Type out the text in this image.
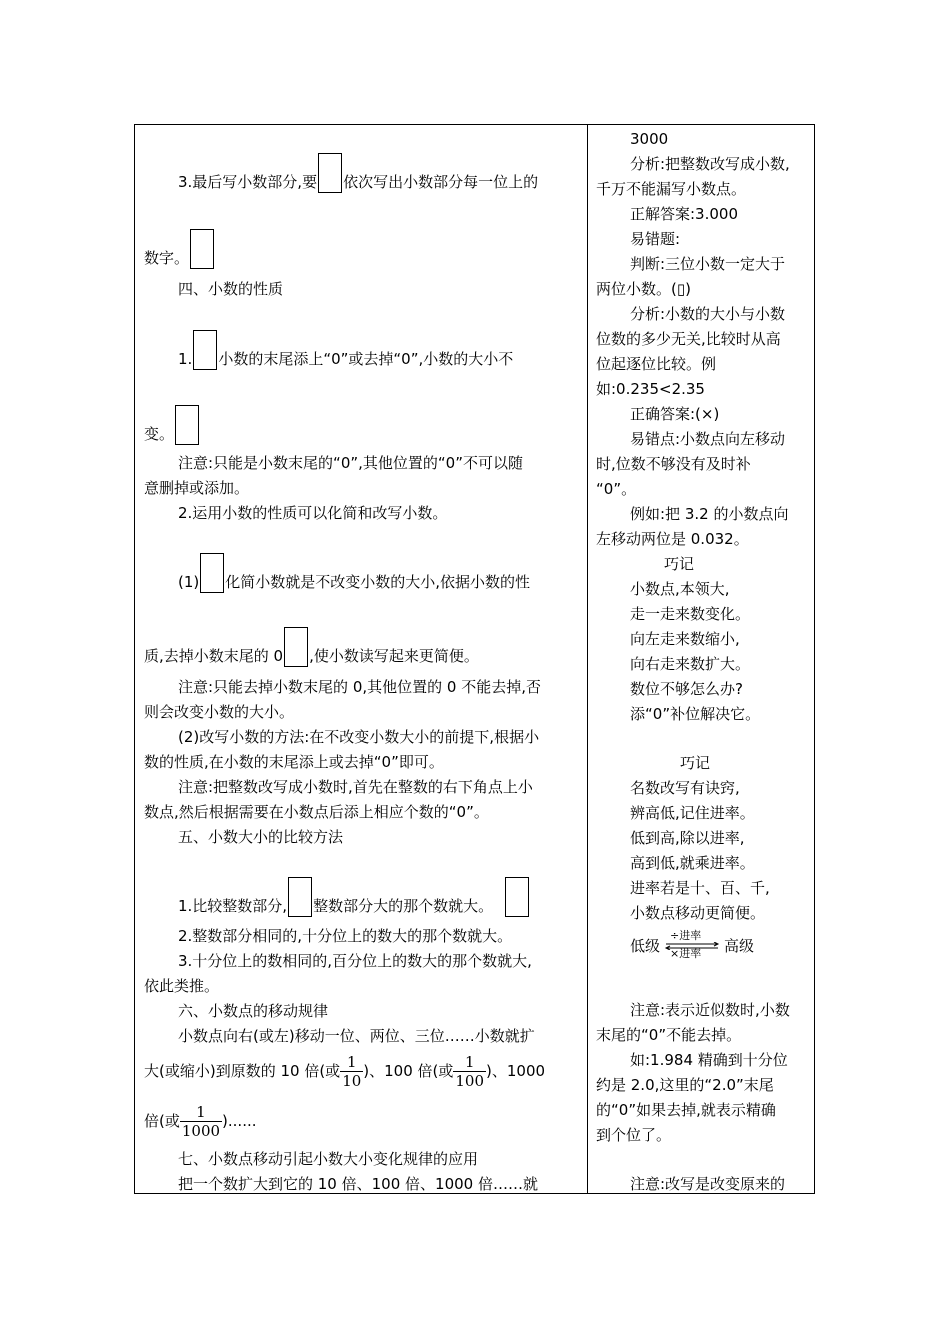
3.最后写小数部分,要 依次写出小数部分每一位上的
数字。
四、小数的性质
1. 小数的末尾添上“0”或去掉“0”,小数的大小不
变。
注意:只能是小数末尾的“0”,其他位置的“0”不可以随
意删掉或添加。
2.运用小数的性质可以化简和改写小数。
(1) 化简小数就是不改变小数的大小,依据小数的性
质,去掉小数末尾的 0 ,使小数读写起来更简便。
注意:只能去掉小数末尾的 0,其他位置的 0 不能去掉,否
则会改变小数的大小。
(2)改写小数的方法:在不改变小数大小的前提下,根据小
数的性质,在小数的末尾添上或去掉“0”即可。
注意:把整数改写成小数时,首先在整数的右下角点上小
数点,然后根据需要在小数点后添上相应个数的“0”。
五、小数大小的比较方法
1.比较整数部分, 整数部分大的那个数就大。
2.整数部分相同的,十分位上的数大的那个数就大。
3.十分位上的数相同的,百分位上的数大的那个数就大,
依此类推。
六、小数点的移动规律
小数点向右(或左)移动一位、两位、三位……小数就扩
大(或缩小)到原数的 10 倍(或 $\frac{1}{10}$ )、100 倍(或 $\frac{1}{100}$ )、1000
倍(或 $\frac{1}{1000}$ )......
七、小数点移动引起小数大小变化规律的应用
把一个数扩大到它的 10 倍、100 倍、1000 倍……就
3000
分析:把整数改写成小数,
千万不能漏写小数点。
正解答案:3.000
易错题:
判断:三位小数一定大于
两位小数。(▯)
分析:小数的大小与小数
位数的多少无关,比较时从高
位起逐位比较。例
如:0.235<2.35
正确答案:(×)
易错点:小数点向左移动
时,位数不够没有及时补
“0”。
例如:把 3.2 的小数点向
左移动两位是 0.032。
巧记
小数点,本领大,
走一走来数变化。
向左走来数缩小,
向右走来数扩大。
数位不够怎么办?
添“0”补位解决它。
巧记
名数改写有诀窍,
辨高低,记住进率。
低到高,除以进率,
高到低,就乘进率。
进率若是十、百、千,
小数点移动更简便。
低级
÷进率
×进率 高级
注意:表示近似数时,小数
末尾的“0”不能去掉。
如:1.984 精确到十分位
约是 2.0,这里的“2.0”末尾
的“0”如果去掉,就表示精确
到个位了。
注意:改写是改变原来的
